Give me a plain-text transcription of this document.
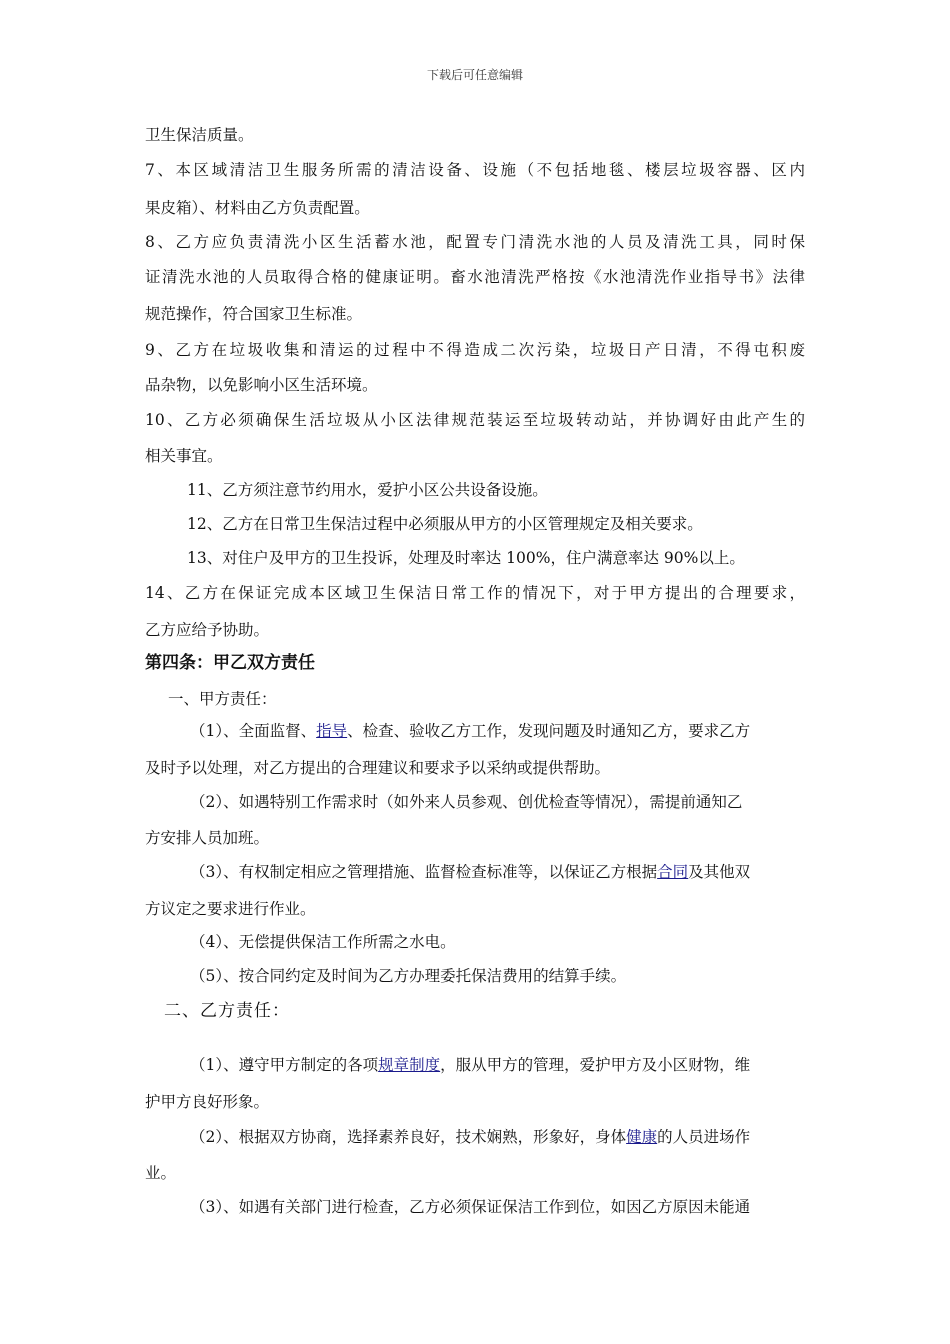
下载后可任意编辑
卫生保洁质量。
7、本区域清洁卫生服务所需的清洁设备、设施（不包括地毯、楼层垃圾容器、区内
果皮箱）、材料由乙方负责配置。
8、乙方应负责清洗小区生活蓄水池，配置专门清洗水池的人员及清洗工具，同时保
证清洗水池的人员取得合格的健康证明。畜水池清洗严格按《水池清洗作业指导书》法律
规范操作，符合国家卫生标准。
9、乙方在垃圾收集和清运的过程中不得造成二次污染，垃圾日产日清，不得屯积废
品杂物，以免影响小区生活环境。
10、乙方必须确保生活垃圾从小区法律规范装运至垃圾转动站，并协调好由此产生的
相关事宜。
11、乙方须注意节约用水，爱护小区公共设备设施。
12、乙方在日常卫生保洁过程中必须服从甲方的小区管理规定及相关要求。
13、对住户及甲方的卫生投诉，处理及时率达 100%，住户满意率达 90%以上。
14、乙方在保证完成本区域卫生保洁日常工作的情况下，对于甲方提出的合理要求，
乙方应给予协助。
第四条：甲乙双方责任
一、甲方责任：
（1）、全面监督、指导、检查、验收乙方工作，发现问题及时通知乙方，要求乙方
及时予以处理，对乙方提出的合理建议和要求予以采纳或提供帮助。
（2）、如遇特别工作需求时（如外来人员参观、创优检查等情况），需提前通知乙
方安排人员加班。
（3）、有权制定相应之管理措施、监督检查标准等，以保证乙方根据合同及其他双
方议定之要求进行作业。
（4）、无偿提供保洁工作所需之水电。
（5）、按合同约定及时间为乙方办理委托保洁费用的结算手续。
二、乙方责任：
（1）、遵守甲方制定的各项规章制度，服从甲方的管理，爱护甲方及小区财物，维
护甲方良好形象。
（2）、根据双方协商，选择素养良好，技术娴熟，形象好，身体健康的人员进场作
业。
（3）、如遇有关部门进行检查，乙方必须保证保洁工作到位，如因乙方原因未能通
